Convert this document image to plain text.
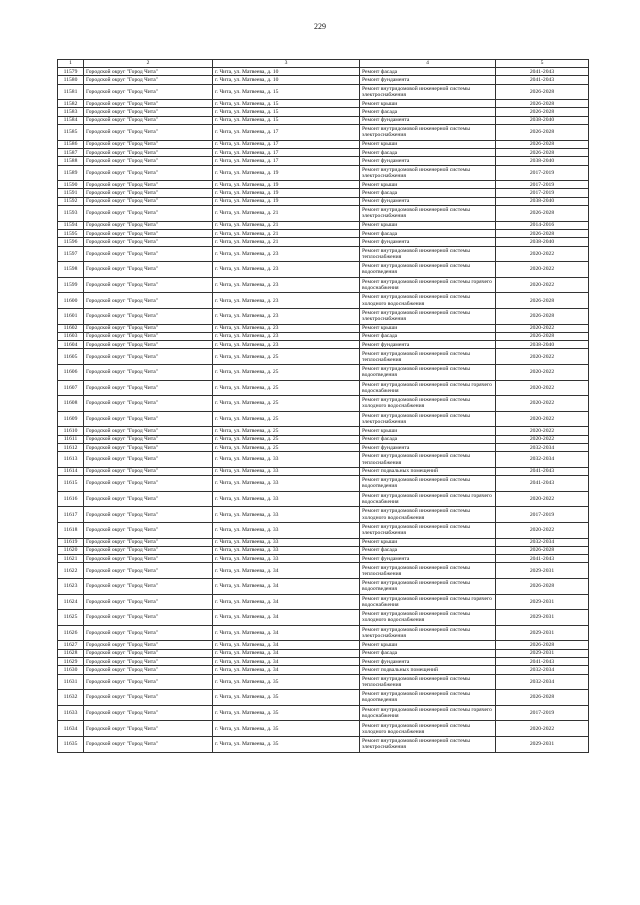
229
1	2	3	4	5
11579	Городской округ "Город Чита"	г. Чита, ул. Матвеева, д. 10	Ремонт фасада	2041-2043
11580	Городской округ "Город Чита"	г. Чита, ул. Матвеева, д. 10	Ремонт фундамента	2041-2043
11581	Городской округ "Город Чита"	г. Чита, ул. Матвеева, д. 15	Ремонт внутридомовой инженерной системы электроснабжения	2026-2028
11582	Городской округ "Город Чита"	г. Чита, ул. Матвеева, д. 15	Ремонт крыши	2026-2028
11583	Городской округ "Город Чита"	г. Чита, ул. Матвеева, д. 15	Ремонт фасада	2026-2028
11584	Городской округ "Город Чита"	г. Чита, ул. Матвеева, д. 15	Ремонт фундамента	2038-2040
11585	Городской округ "Город Чита"	г. Чита, ул. Матвеева, д. 17	Ремонт внутридомовой инженерной системы электроснабжения	2026-2028
11586	Городской округ "Город Чита"	г. Чита, ул. Матвеева, д. 17	Ремонт крыши	2026-2028
11587	Городской округ "Город Чита"	г. Чита, ул. Матвеева, д. 17	Ремонт фасада	2026-2028
11588	Городской округ "Город Чита"	г. Чита, ул. Матвеева, д. 17	Ремонт фундамента	2038-2040
11589	Городской округ "Город Чита"	г. Чита, ул. Матвеева, д. 19	Ремонт внутридомовой инженерной системы электроснабжения	2017-2019
11590	Городской округ "Город Чита"	г. Чита, ул. Матвеева, д. 19	Ремонт крыши	2017-2019
11591	Городской округ "Город Чита"	г. Чита, ул. Матвеева, д. 19	Ремонт фасада	2017-2019
11592	Городской округ "Город Чита"	г. Чита, ул. Матвеева, д. 19	Ремонт фундамента	2038-2040
11593	Городской округ "Город Чита"	г. Чита, ул. Матвеева, д. 21	Ремонт внутридомовой инженерной системы электроснабжения	2026-2028
11594	Городской округ "Город Чита"	г. Чита, ул. Матвеева, д. 21	Ремонт крыши	2014-2016
11595	Городской округ "Город Чита"	г. Чита, ул. Матвеева, д. 21	Ремонт фасада	2026-2028
11596	Городской округ "Город Чита"	г. Чита, ул. Матвеева, д. 21	Ремонт фундамента	2038-2040
11597	Городской округ "Город Чита"	г. Чита, ул. Матвеева, д. 23	Ремонт внутридомовой инженерной системы теплоснабжения	2020-2022
11598	Городской округ "Город Чита"	г. Чита, ул. Матвеева, д. 23	Ремонт внутридомовой инженерной системы водоотведения	2020-2022
11599	Городской округ "Город Чита"	г. Чита, ул. Матвеева, д. 23	Ремонт внутридомовой инженерной системы горячего водоснабжения	2020-2022
11600	Городской округ "Город Чита"	г. Чита, ул. Матвеева, д. 23	Ремонт внутридомовой инженерной системы холодного водоснабжения	2026-2028
11601	Городской округ "Город Чита"	г. Чита, ул. Матвеева, д. 23	Ремонт внутридомовой инженерной системы электроснабжения	2026-2028
11602	Городской округ "Город Чита"	г. Чита, ул. Матвеева, д. 23	Ремонт крыши	2020-2022
11603	Городской округ "Город Чита"	г. Чита, ул. Матвеева, д. 23	Ремонт фасада	2026-2028
11604	Городской округ "Город Чита"	г. Чита, ул. Матвеева, д. 23	Ремонт фундамента	2038-2040
11605	Городской округ "Город Чита"	г. Чита, ул. Матвеева, д. 25	Ремонт внутридомовой инженерной системы теплоснабжения	2020-2022
11606	Городской округ "Город Чита"	г. Чита, ул. Матвеева, д. 25	Ремонт внутридомовой инженерной системы водоотведения	2020-2022
11607	Городской округ "Город Чита"	г. Чита, ул. Матвеева, д. 25	Ремонт внутридомовой инженерной системы горячего водоснабжения	2020-2022
11608	Городской округ "Город Чита"	г. Чита, ул. Матвеева, д. 25	Ремонт внутридомовой инженерной системы холодного водоснабжения	2020-2022
11609	Городской округ "Город Чита"	г. Чита, ул. Матвеева, д. 25	Ремонт внутридомовой инженерной системы электроснабжения	2020-2022
11610	Городской округ "Город Чита"	г. Чита, ул. Матвеева, д. 25	Ремонт крыши	2020-2022
11611	Городской округ "Город Чита"	г. Чита, ул. Матвеева, д. 25	Ремонт фасада	2020-2022
11612	Городской округ "Город Чита"	г. Чита, ул. Матвеева, д. 25	Ремонт фундамента	2032-2034
11613	Городской округ "Город Чита"	г. Чита, ул. Матвеева, д. 33	Ремонт внутридомовой инженерной системы теплоснабжения	2032-2034
11614	Городской округ "Город Чита"	г. Чита, ул. Матвеева, д. 33	Ремонт подвальных помещений	2041-2043
11615	Городской округ "Город Чита"	г. Чита, ул. Матвеева, д. 33	Ремонт внутридомовой инженерной системы водоотведения	2041-2043
11616	Городской округ "Город Чита"	г. Чита, ул. Матвеева, д. 33	Ремонт внутридомовой инженерной системы горячего водоснабжения	2020-2022
11617	Городской округ "Город Чита"	г. Чита, ул. Матвеева, д. 33	Ремонт внутридомовой инженерной системы холодного водоснабжения	2017-2019
11618	Городской округ "Город Чита"	г. Чита, ул. Матвеева, д. 33	Ремонт внутридомовой инженерной системы электроснабжения	2020-2022
11619	Городской округ "Город Чита"	г. Чита, ул. Матвеева, д. 33	Ремонт крыши	2032-2034
11620	Городской округ "Город Чита"	г. Чита, ул. Матвеева, д. 33	Ремонт фасада	2026-2028
11621	Городской округ "Город Чита"	г. Чита, ул. Матвеева, д. 33	Ремонт фундамента	2041-2043
11622	Городской округ "Город Чита"	г. Чита, ул. Матвеева, д. 34	Ремонт внутридомовой инженерной системы теплоснабжения	2029-2031
11623	Городской округ "Город Чита"	г. Чита, ул. Матвеева, д. 34	Ремонт внутридомовой инженерной системы водоотведения	2026-2028
11624	Городской округ "Город Чита"	г. Чита, ул. Матвеева, д. 34	Ремонт внутридомовой инженерной системы горячего водоснабжения	2029-2031
11625	Городской округ "Город Чита"	г. Чита, ул. Матвеева, д. 34	Ремонт внутридомовой инженерной системы холодного водоснабжения	2029-2031
11626	Городской округ "Город Чита"	г. Чита, ул. Матвеева, д. 34	Ремонт внутридомовой инженерной системы электроснабжения	2029-2031
11627	Городской округ "Город Чита"	г. Чита, ул. Матвеева, д. 34	Ремонт крыши	2026-2028
11628	Городской округ "Город Чита"	г. Чита, ул. Матвеева, д. 34	Ремонт фасада	2029-2031
11629	Городской округ "Город Чита"	г. Чита, ул. Матвеева, д. 34	Ремонт фундамента	2041-2043
11630	Городской округ "Город Чита"	г. Чита, ул. Матвеева, д. 34	Ремонт подвальных помещений	2032-2034
11631	Городской округ "Город Чита"	г. Чита, ул. Матвеева, д. 35	Ремонт внутридомовой инженерной системы теплоснабжения	2032-2034
11632	Городской округ "Город Чита"	г. Чита, ул. Матвеева, д. 35	Ремонт внутридомовой инженерной системы водоотведения	2026-2028
11633	Городской округ "Город Чита"	г. Чита, ул. Матвеева, д. 35	Ремонт внутридомовой инженерной системы горячего водоснабжения	2017-2019
11634	Городской округ "Город Чита"	г. Чита, ул. Матвеева, д. 35	Ремонт внутридомовой инженерной системы холодного водоснабжения	2020-2022
11635	Городской округ "Город Чита"	г. Чита, ул. Матвеева, д. 35	Ремонт внутридомовой инженерной системы электроснабжения	2029-2031
